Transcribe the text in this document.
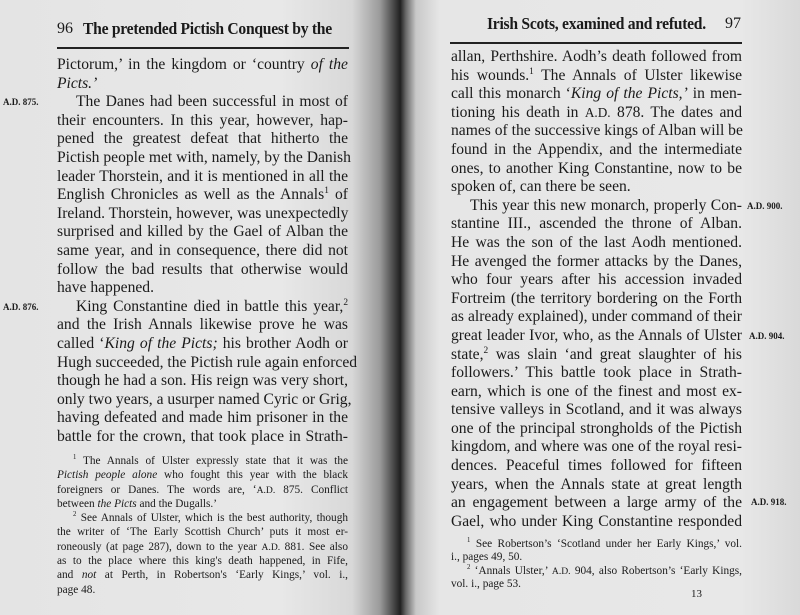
96 The pretended Pictish Conquest by the
Pictorum,’ in the kingdom or ‘country of the
Picts.’
The Danes had been successful in most of
their encounters. In this year, however, hap-
pened the greatest defeat that hitherto the
Pictish people met with, namely, by the Danish
leader Thorstein, and it is mentioned in all the
English Chronicles as well as the Annals$^1$ of
Ireland. Thorstein, however, was unexpectedly
surprised and killed by the Gael of Alban the
same year, and in consequence, there did not
follow the bad results that otherwise would
have happened.
King Constantine died in battle this year,$^2$
and the Irish Annals likewise prove he was
called ‘King of the Picts; his brother Aodh or
Hugh succeeded, the Pictish rule again enforced
though he had a son. His reign was very short,
only two years, a usurper named Cyric or Grig,
having defeated and made him prisoner in the
battle for the crown, that took place in Strath-
$^1$ The Annals of Ulster expressly state that it was the
Pictish people alone who fought this year with the black
foreigners or Danes. The words are, ‘A.D. 875. Conflict
between the Picts and the Dugalls.’
$^2$ See Annals of Ulster, which is the best authority, though
the writer of ‘The Early Scottish Church’ puts it most er-
roneously (at page 287), down to the year A.D. 881. See also
as to the place where this king's death happened, in Fife,
and not at Perth, in Robertson's ‘Early Kings,’ vol. i.,
page 48.
A.D. 875.
A.D. 876.
Irish Scots, examined and refuted. 97
allan, Perthshire. Aodh’s death followed from
his wounds.$^1$ The Annals of Ulster likewise
call this monarch ‘King of the Picts,’ in men-
tioning his death in A.D. 878. The dates and
names of the successive kings of Alban will be
found in the Appendix, and the intermediate
ones, to another King Constantine, now to be
spoken of, can there be seen.
This year this new monarch, properly Con-
stantine III., ascended the throne of Alban.
He was the son of the last Aodh mentioned.
He avenged the former attacks by the Danes,
who four years after his accession invaded
Fortreim (the territory bordering on the Forth
as already explained), under command of their
great leader Ivor, who, as the Annals of Ulster
state,$^2$ was slain ‘and great slaughter of his
followers.’ This battle took place in Strath-
earn, which is one of the finest and most ex-
tensive valleys in Scotland, and it was always
one of the principal strongholds of the Pictish
kingdom, and where was one of the royal resi-
dences. Peaceful times followed for fifteen
years, when the Annals state at great length
an engagement between a large army of the
Gael, who under King Constantine responded
$^1$ See Robertson’s ‘Scotland under her Early Kings,’ vol.
i., pages 49, 50.
$^2$ ‘Annals Ulster,’ A.D. 904, also Robertson’s ‘Early Kings,
vol. i., page 53.
A.D. 900.
A.D. 904.
A.D. 918.
13
